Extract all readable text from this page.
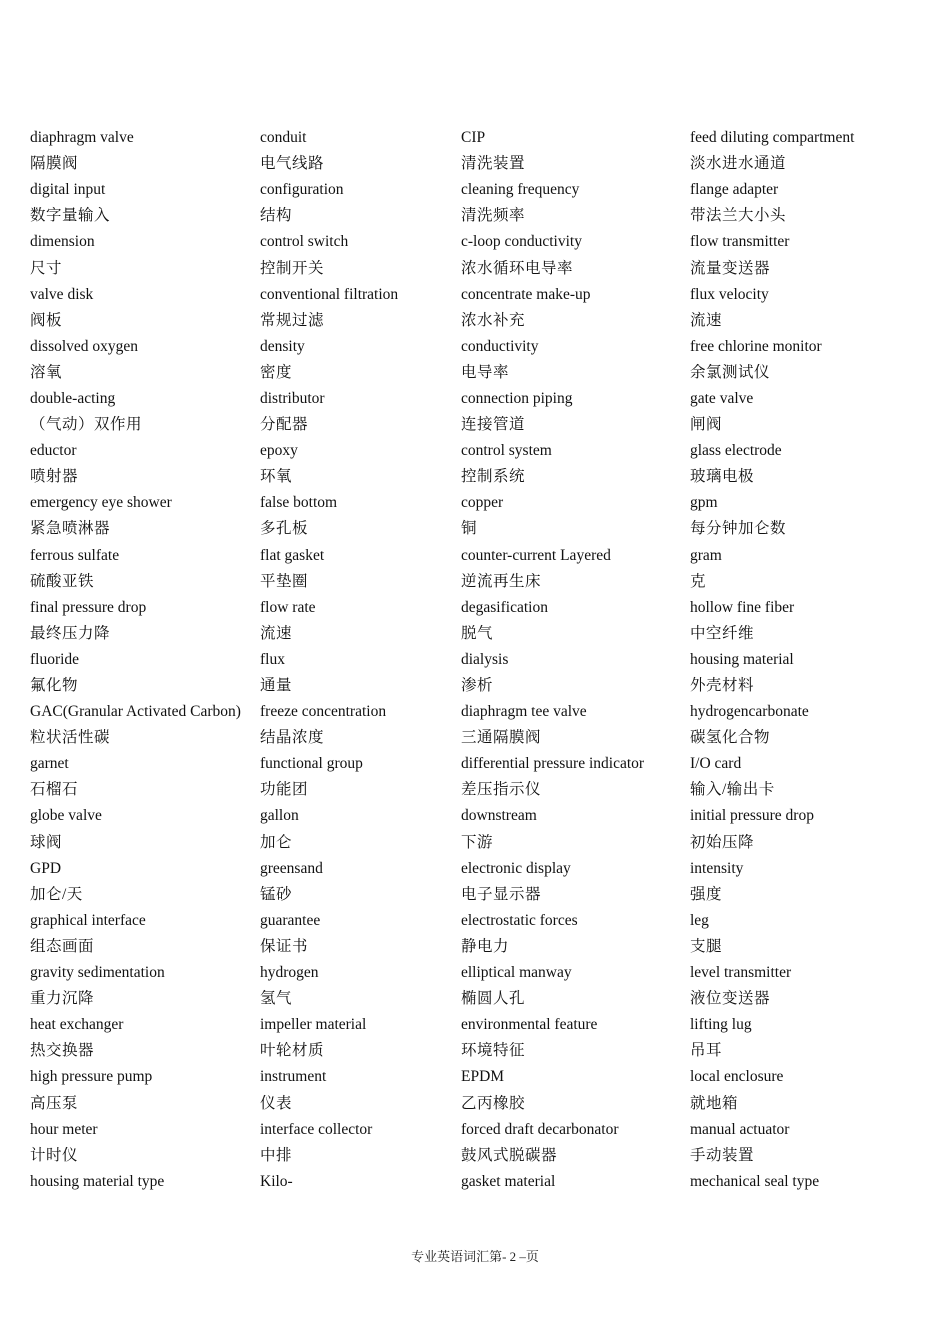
diaphragm valve	conduit	CIP	feed diluting compartment
隔膜阀	电气线路	清洗装置	淡水进水通道
digital input	configuration	cleaning frequency	flange adapter
数字量输入	结构	清洗频率	带法兰大小头
dimension	control switch	c-loop conductivity	flow transmitter
尺寸	控制开关	浓水循环电导率	流量变送器
valve disk	conventional filtration	concentrate make-up	flux velocity
阀板	常规过滤	浓水补充	流速
dissolved oxygen	density	conductivity	free chlorine monitor
溶氧	密度	电导率	余氯测试仪
double-acting	distributor	connection piping	gate valve
（气动）双作用	分配器	连接管道	闸阀
eductor	epoxy	control system	glass electrode
喷射器	环氧	控制系统	玻璃电极
emergency eye shower	false bottom	copper	gpm
紧急喷淋器	多孔板	铜	每分钟加仑数
ferrous sulfate	flat gasket	counter-current Layered	gram
硫酸亚铁	平垫圈	逆流再生床	克
final pressure drop	flow rate	degasification	hollow fine fiber
最终压力降	流速	脱气	中空纤维
fluoride	flux	dialysis	housing material
氟化物	通量	渗析	外壳材料
GAC(Granular Activated Carbon)	freeze concentration	diaphragm tee valve	hydrogencarbonate
粒状活性碳	结晶浓度	三通隔膜阀	碳氢化合物
garnet	functional group	differential pressure indicator	I/O card
石榴石	功能团	差压指示仪	输入/输出卡
globe valve	gallon	downstream	initial pressure drop
球阀	加仑	下游	初始压降
GPD	greensand	electronic display	intensity
加仑/天	锰砂	电子显示器	强度
graphical interface	guarantee	electrostatic forces	leg
组态画面	保证书	静电力	支腿
gravity sedimentation	hydrogen	elliptical manway	level transmitter
重力沉降	氢气	椭圆人孔	液位变送器
heat exchanger	impeller material	environmental feature	lifting lug
热交换器	叶轮材质	环境特征	吊耳
high pressure pump	instrument	EPDM	local enclosure
高压泵	仪表	乙丙橡胶	就地箱
hour meter	interface collector	forced draft decarbonator	manual actuator
计时仪	中排	鼓风式脱碳器	手动装置
housing material type	Kilo-	gasket material	mechanical seal type
专业英语词汇第- 2 –页
